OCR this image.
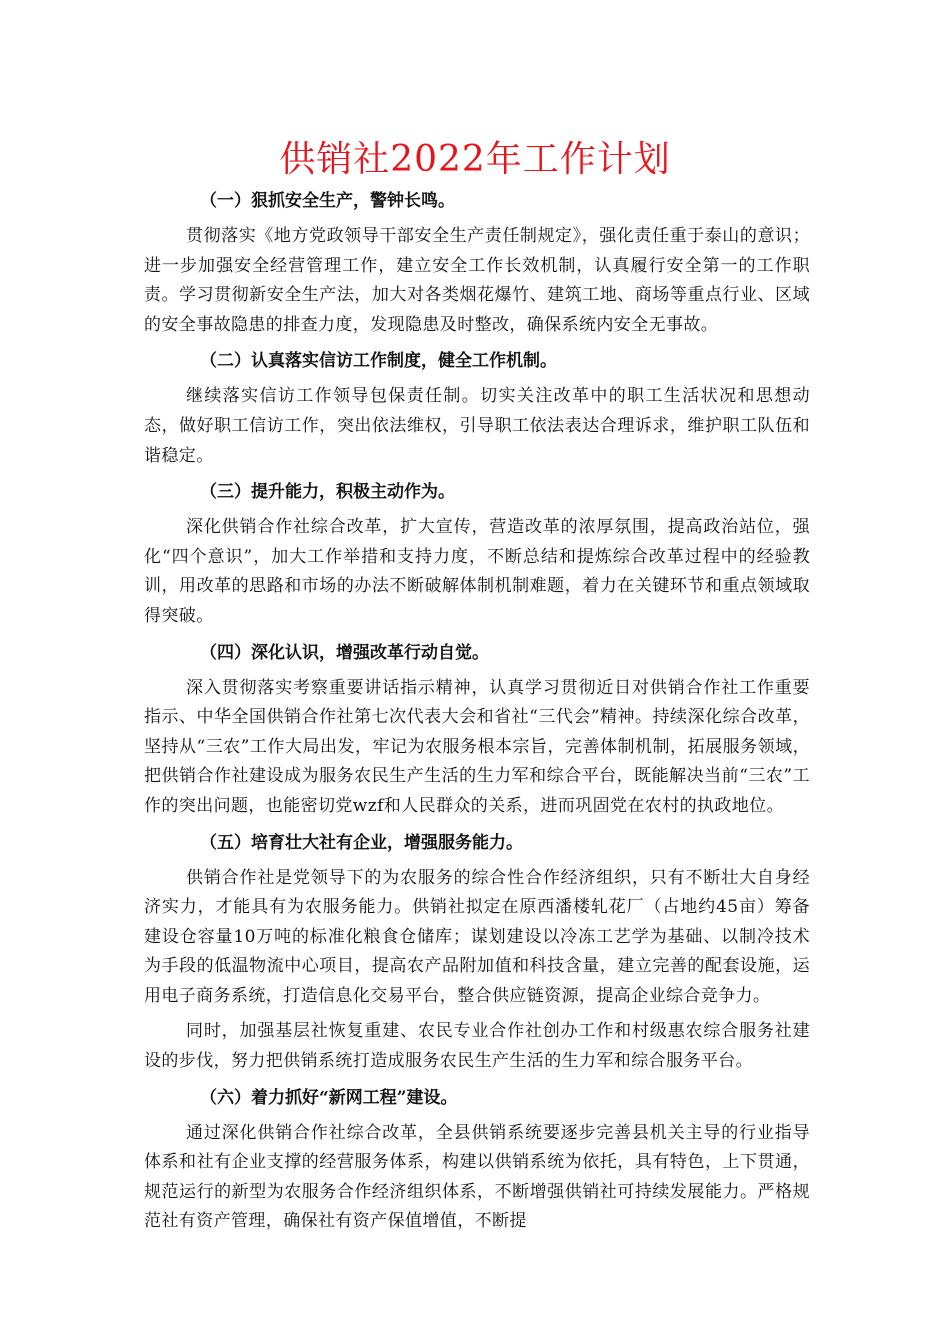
供销社2022年工作计划
（一）狠抓安全生产，警钟长鸣。

贯彻落实《地方党政领导干部安全生产责任制规定》，强化责任重于泰山的意识；进一步加强安全经营管理工作，建立安全工作长效机制，认真履行安全第一的工作职责。学习贯彻新安全生产法，加大对各类烟花爆竹、建筑工地、商场等重点行业、区域的安全事故隐患的排查力度，发现隐患及时整改，确保系统内安全无事故。

（二）认真落实信访工作制度，健全工作机制。

继续落实信访工作领导包保责任制。切实关注改革中的职工生活状况和思想动态，做好职工信访工作，突出依法维权，引导职工依法表达合理诉求，维护职工队伍和谐稳定。

（三）提升能力，积极主动作为。

深化供销合作社综合改革，扩大宣传，营造改革的浓厚氛围，提高政治站位，强化“四个意识”，加大工作举措和支持力度，不断总结和提炼综合改革过程中的经验教训，用改革的思路和市场的办法不断破解体制机制难题，着力在关键环节和重点领域取得突破。

（四）深化认识，增强改革行动自觉。

深入贯彻落实考察重要讲话指示精神，认真学习贯彻近日对供销合作社工作重要指示、中华全国供销合作社第七次代表大会和省社“三代会”精神。持续深化综合改革，坚持从“三农”工作大局出发，牢记为农服务根本宗旨，完善体制机制，拓展服务领域，把供销合作社建设成为服务农民生产生活的生力军和综合平台，既能解决当前“三农”工作的突出问题，也能密切党wzf和人民群众的关系，进而巩固党在农村的执政地位。

（五）培育壮大社有企业，增强服务能力。

供销合作社是党领导下的为农服务的综合性合作经济组织，只有不断壮大自身经济实力，才能具有为农服务能力。供销社拟定在原西潘楼轧花厂（占地约45亩）筹备建设仓容量10万吨的标准化粮食仓储库；谋划建设以冷冻工艺学为基础、以制冷技术为手段的低温物流中心项目，提高农产品附加值和科技含量，建立完善的配套设施，运用电子商务系统，打造信息化交易平台，整合供应链资源，提高企业综合竞争力。

同时，加强基层社恢复重建、农民专业合作社创办工作和村级惠农综合服务社建设的步伐，努力把供销系统打造成服务农民生产生活的生力军和综合服务平台。

（六）着力抓好“新网工程”建设。

通过深化供销合作社综合改革，全县供销系统要逐步完善县机关主导的行业指导体系和社有企业支撑的经营服务体系，构建以供销系统为依托，具有特色，上下贯通，规范运行的新型为农服务合作经济组织体系，不断增强供销社可持续发展能力。严格规范社有资产管理，确保社有资产保值增值，不断提
